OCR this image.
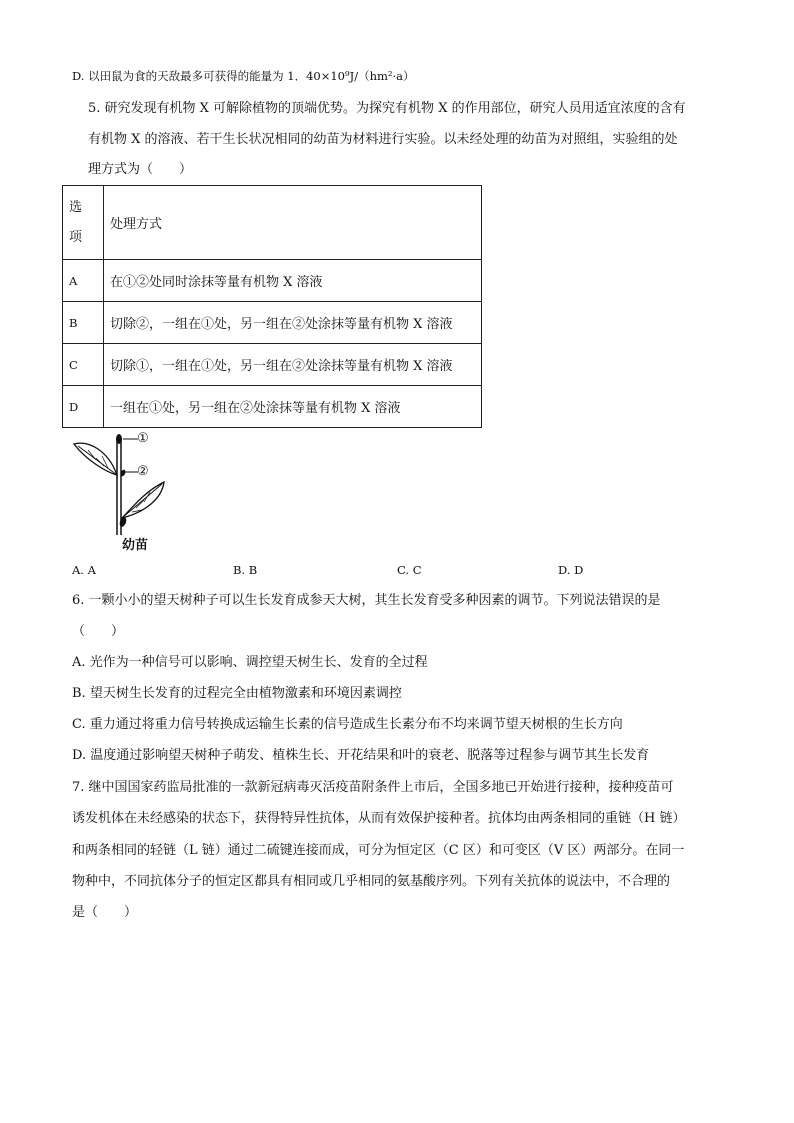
D. 以田鼠为食的天敌最多可获得的能量为 1．40×10⁹J/（hm²·a）
5. 研究发现有机物 X 可解除植物的顶端优势。为探究有机物 X 的作用部位，研究人员用适宜浓度的含有
有机物 X 的溶液、若干生长状况相同的幼苗为材料进行实验。以未经处理的幼苗为对照组，实验组的处
理方式为（　　）
选
项	处理方式
A	在①②处同时涂抹等量有机物 X 溶液
B	切除②，一组在①处，另一组在②处涂抹等量有机物 X 溶液
C	切除①，一组在①处，另一组在②处涂抹等量有机物 X 溶液
D	一组在①处，另一组在②处涂抹等量有机物 X 溶液
①
②
幼苗
A. A	B. B	C. C	D. D
6. 一颗小小的望天树种子可以生长发育成参天大树，其生长发育受多种因素的调节。下列说法错误的是
（　　）
A. 光作为一种信号可以影响、调控望天树生长、发育的全过程
B. 望天树生长发育的过程完全由植物激素和环境因素调控
C. 重力通过将重力信号转换成运输生长素的信号造成生长素分布不均来调节望天树根的生长方向
D. 温度通过影响望天树种子萌发、植株生长、开花结果和叶的衰老、脱落等过程参与调节其生长发育
7. 继中国国家药监局批准的一款新冠病毒灭活疫苗附条件上市后，全国多地已开始进行接种，接种疫苗可
诱发机体在未经感染的状态下，获得特异性抗体，从而有效保护接种者。抗体均由两条相同的重链（H 链）
和两条相同的轻链（L 链）通过二硫键连接而成，可分为恒定区（C 区）和可变区（V 区）两部分。在同一
物种中，不同抗体分子的恒定区都具有相同或几乎相同的氨基酸序列。下列有关抗体的说法中，不合理的
是（　　）
